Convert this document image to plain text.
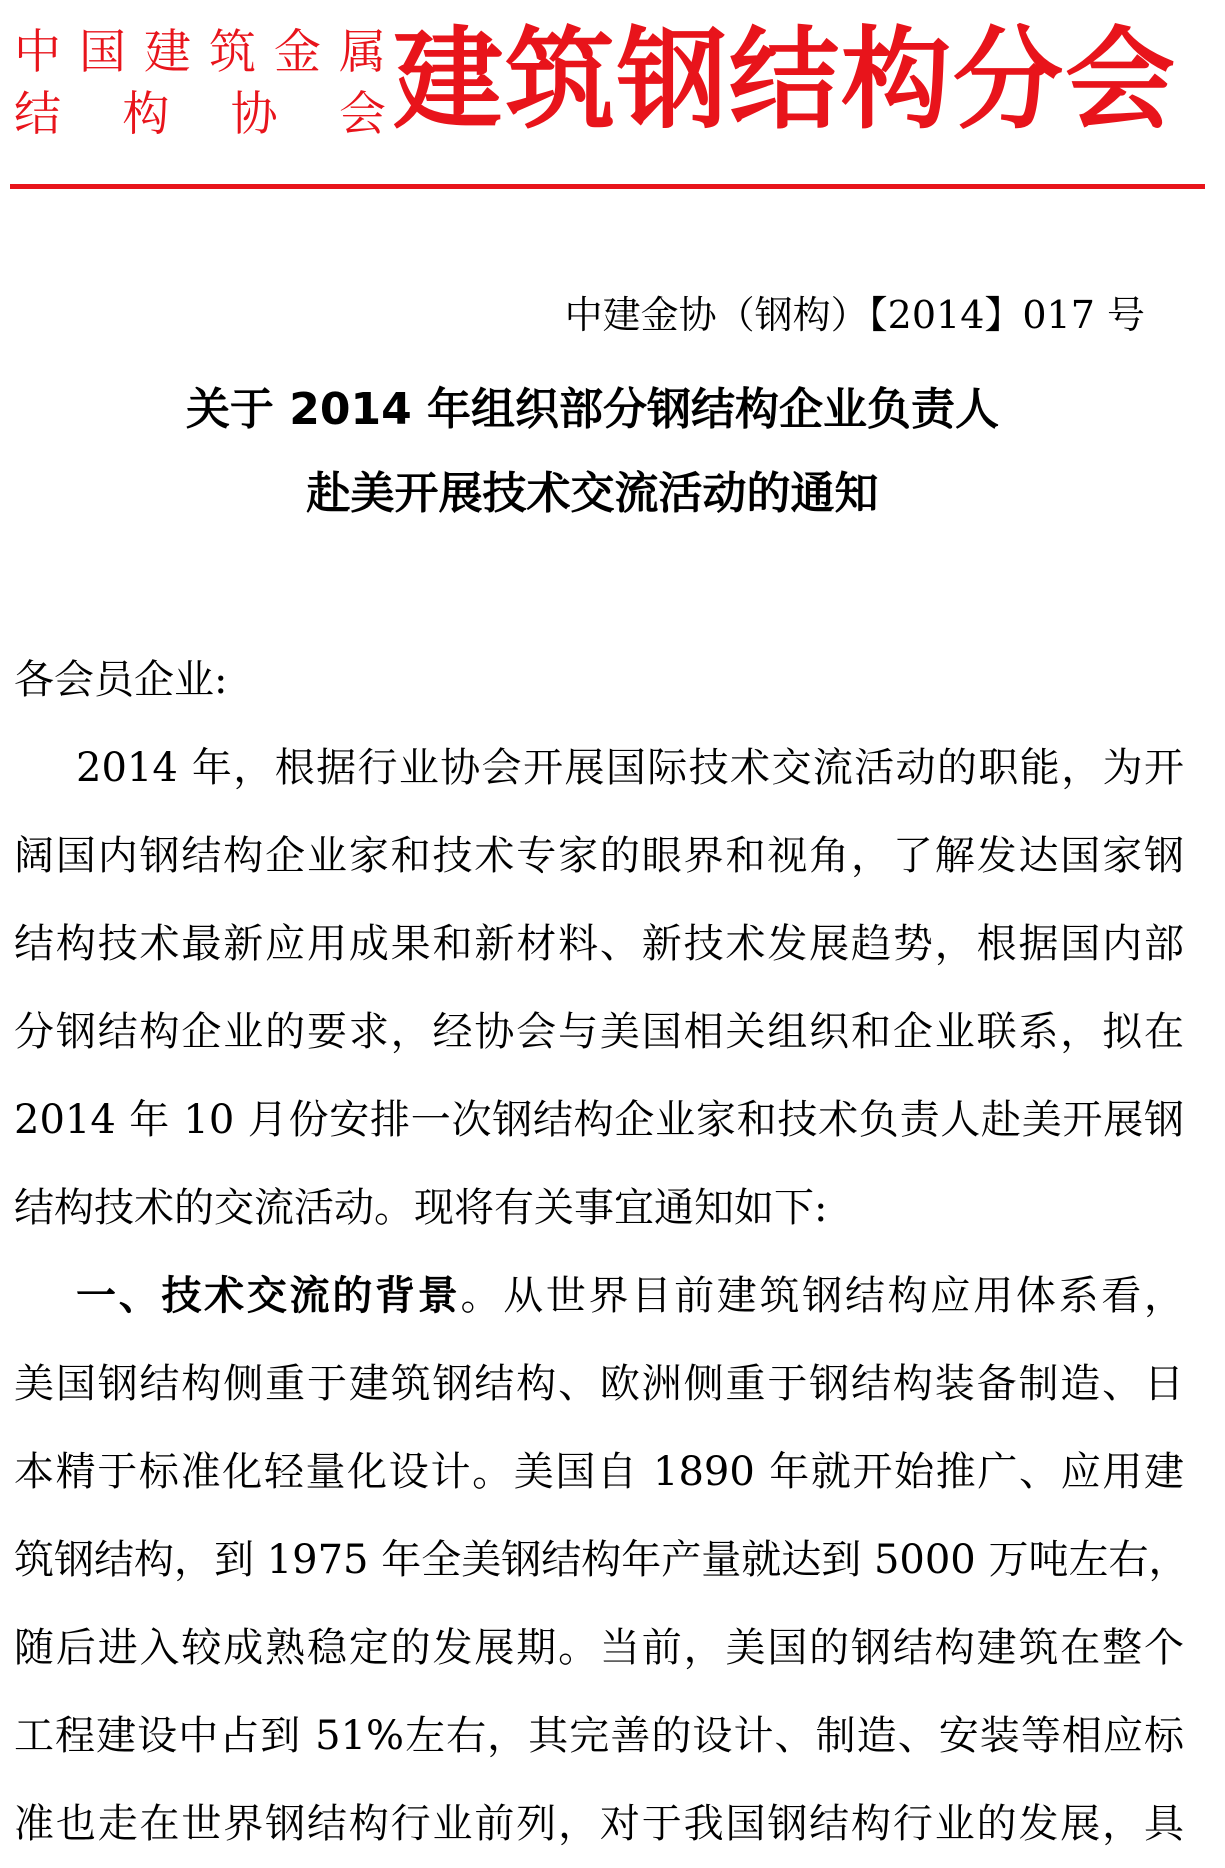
中 国 建 筑 金 属
结 构 协 会 建筑钢结构分会
中建金协（钢构）【2014】017 号
关于 2014 年组织部分钢结构企业负责人
赴美开展技术交流活动的通知
各会员企业:
2014 年，根据行业协会开展国际技术交流活动的职能，为开
阔国内钢结构企业家和技术专家的眼界和视角，了解发达国家钢
结构技术最新应用成果和新材料、新技术发展趋势，根据国内部
分钢结构企业的要求，经协会与美国相关组织和企业联系，拟在
2014 年 10 月份安排一次钢结构企业家和技术负责人赴美开展钢
结构技术的交流活动。现将有关事宜通知如下:
一、技术交流的背景。从世界目前建筑钢结构应用体系看，
美国钢结构侧重于建筑钢结构、欧洲侧重于钢结构装备制造、日
本精于标准化轻量化设计。美国自 1890 年就开始推广、应用建
筑钢结构，到 1975 年全美钢结构年产量就达到 5000 万吨左右，
随后进入较成熟稳定的发展期。当前，美国的钢结构建筑在整个
工程建设中占到 51%左右，其完善的设计、制造、安装等相应标
准也走在世界钢结构行业前列，对于我国钢结构行业的发展，具
